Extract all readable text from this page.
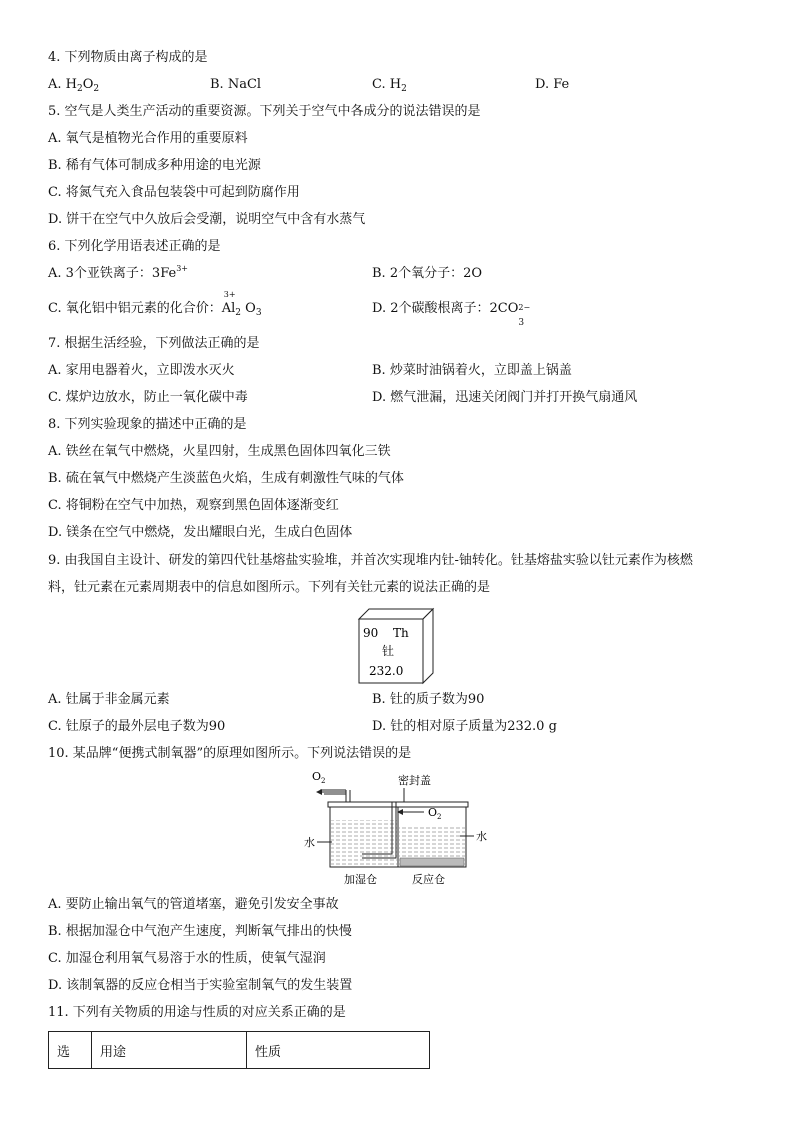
4. 下列物质由离子构成的是
A. $H_2O_2$	B. NaCl	C. $H_2$	D. Fe
5. 空气是人类生产活动的重要资源。下列关于空气中各成分的说法错误的是
A. 氧气是植物光合作用的重要原料
B. 稀有气体可制成多种用途的电光源
C. 将氮气充入食品包装袋中可起到防腐作用
D. 饼干在空气中久放后会受潮，说明空气中含有水蒸气
6. 下列化学用语表述正确的是
A. 3个亚铁离子：$3Fe^{3+}$	B. 2个氧分子：2O
C. 氧化铝中铝元素的化合价：
3+
$Al_2$ $O_3$	D. 2个碳酸根离子：2CO 2−
3
7. 根据生活经验，下列做法正确的是
A. 家用电器着火，立即泼水灭火	B. 炒菜时油锅着火，立即盖上锅盖
C. 煤炉边放水，防止一氧化碳中毒	D. 燃气泄漏，迅速关闭阀门并打开换气扇通风
8. 下列实验现象的描述中正确的是
A. 铁丝在氧气中燃烧，火星四射，生成黑色固体四氧化三铁
B. 硫在氧气中燃烧产生淡蓝色火焰，生成有刺激性气味的气体
C. 将铜粉在空气中加热，观察到黑色固体逐渐变红
D. 镁条在空气中燃烧，发出耀眼白光，生成白色固体
9. 由我国自主设计、研发的第四代钍基熔盐实验堆，并首次实现堆内钍-铀转化。钍基熔盐实验以钍元素作为核燃
料，钍元素在元素周期表中的信息如图所示。下列有关钍元素的说法正确的是
90 Th
钍
232.0
A. 钍属于非金属元素	B. 钍的质子数为90
C. 钍原子的最外层电子数为90	D. 钍的相对原子质量为232.0 g
10. 某品牌“便携式制氧器”的原理如图所示。下列说法错误的是
$O_2$	密封盖
$O_2$
水	水
加湿仓	反应仓
A. 要防止输出氧气的管道堵塞，避免引发安全事故
B. 根据加湿仓中气泡产生速度，判断氧气排出的快慢
C. 加湿仓利用氧气易溶于水的性质，使氧气湿润
D. 该制氧器的反应仓相当于实验室制氧气的发生装置
11. 下列有关物质的用途与性质的对应关系正确的是
选	用途	性质
